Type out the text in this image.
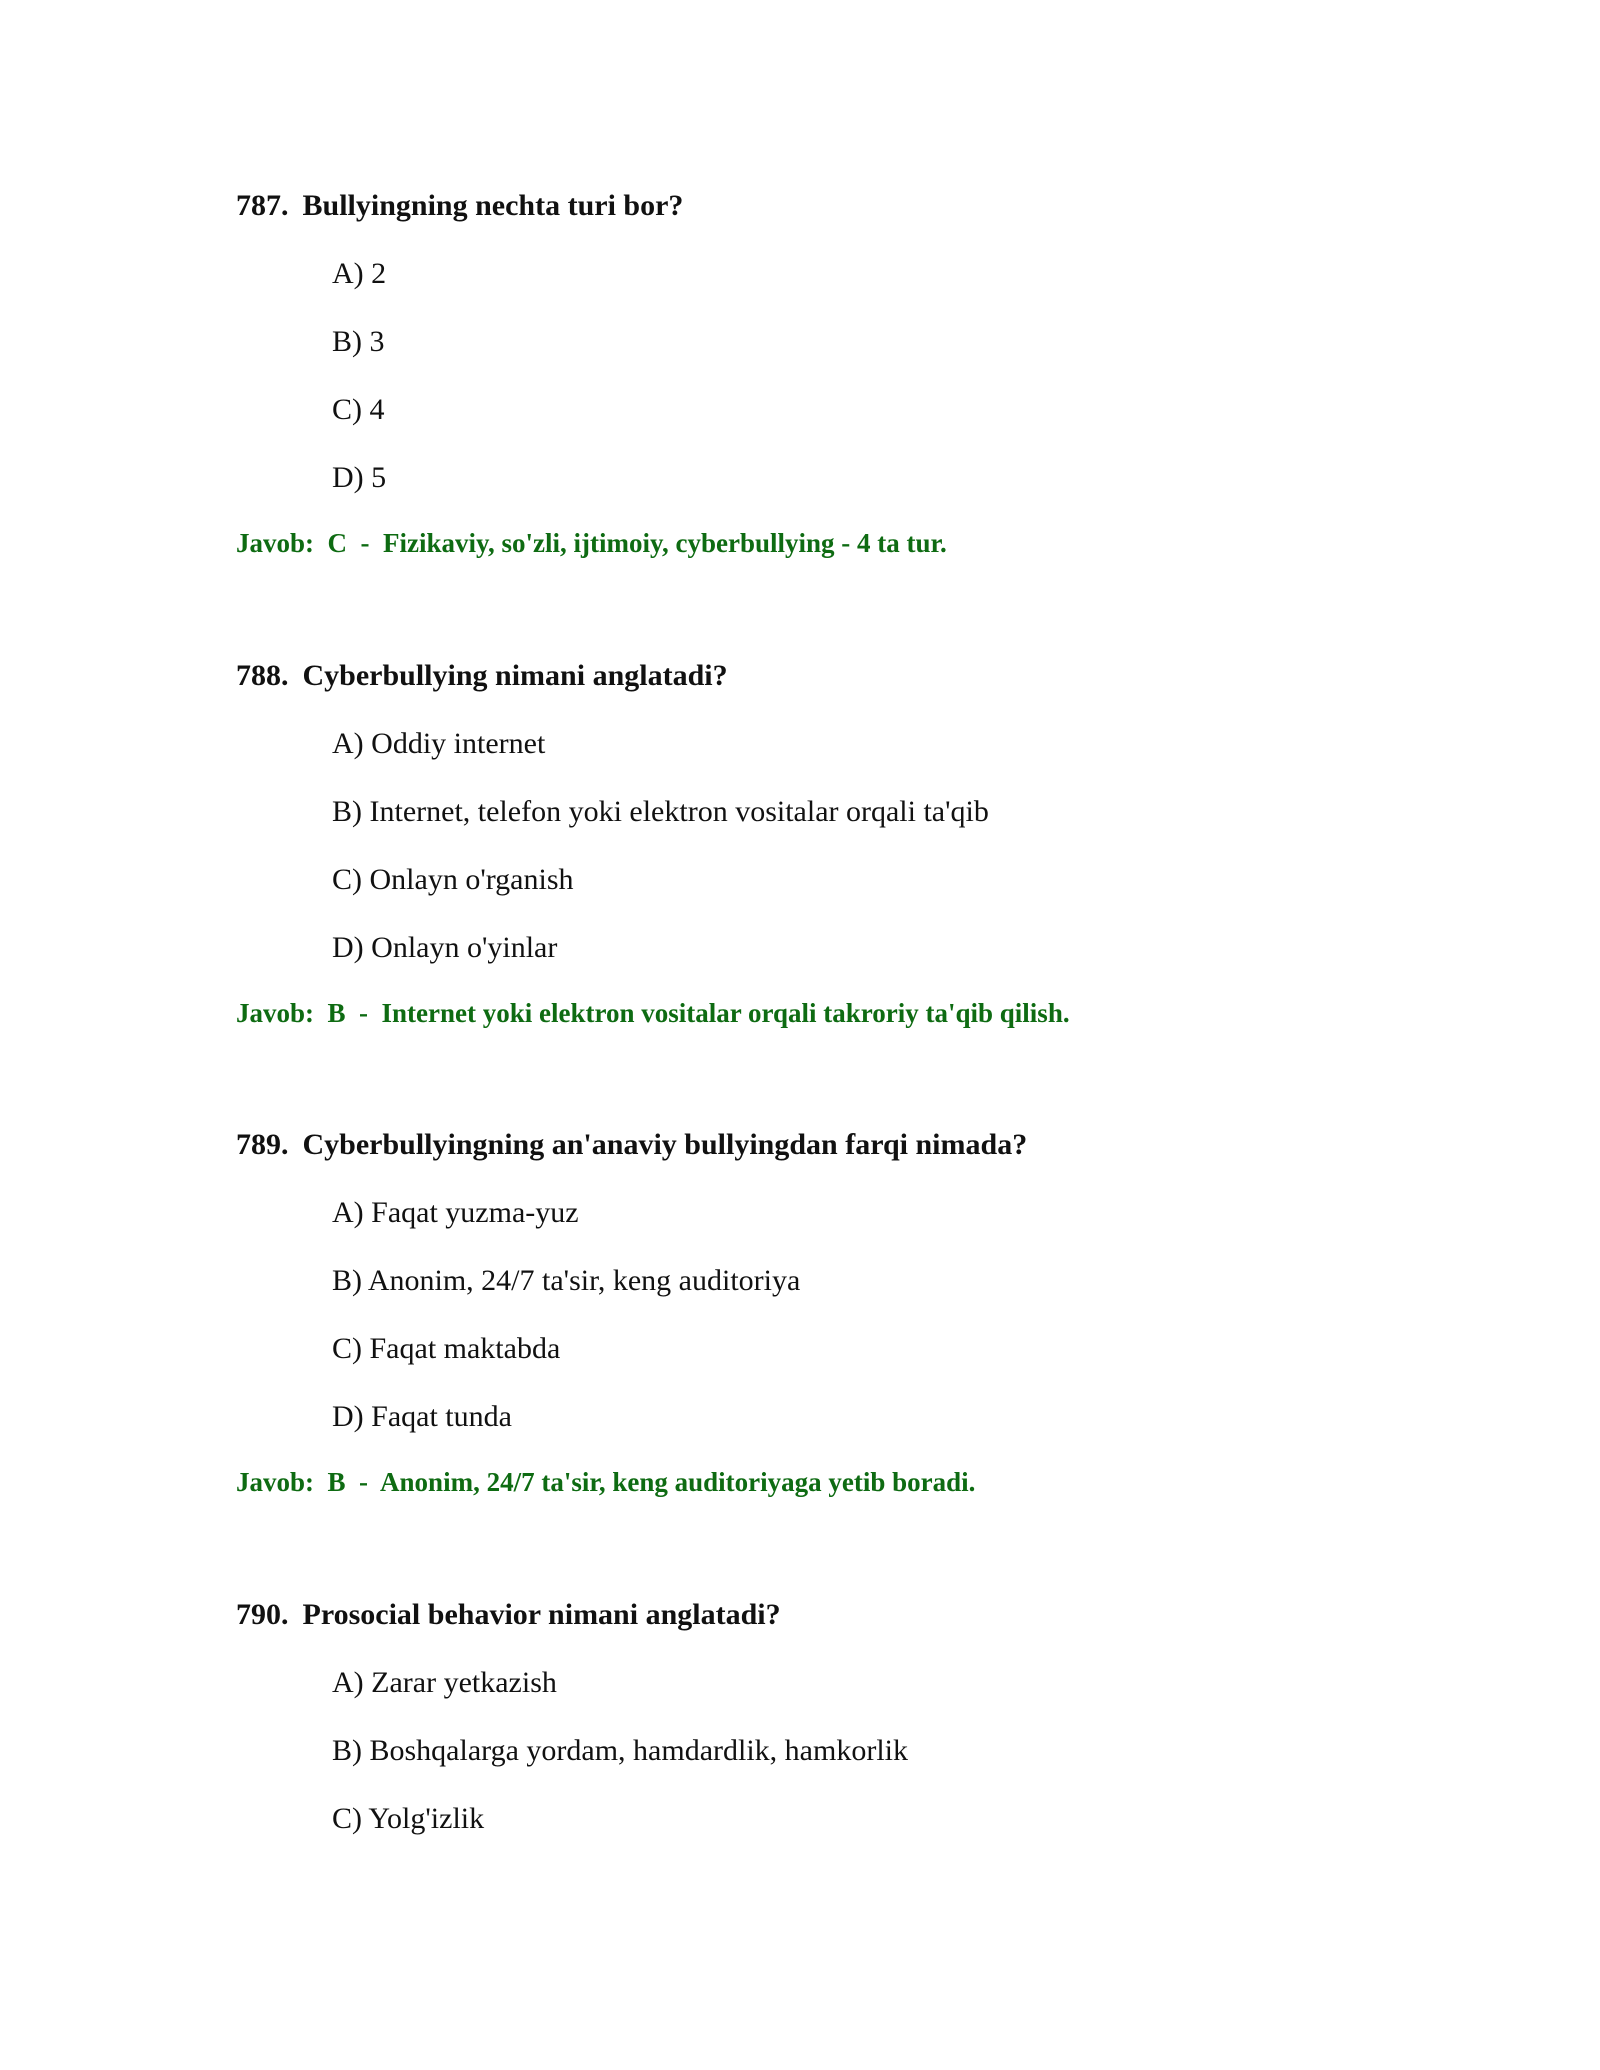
787. Bullyingning nechta turi bor?
A) 2
B) 3
C) 4
D) 5
Javob: C  -  Fizikaviy, so'zli, ijtimoiy, cyberbullying - 4 ta tur.
788. Cyberbullying nimani anglatadi?
A) Oddiy internet
B) Internet, telefon yoki elektron vositalar orqali ta'qib
C) Onlayn o'rganish
D) Onlayn o'yinlar
Javob: B  -  Internet yoki elektron vositalar orqali takroriy ta'qib qilish.
789. Cyberbullyingning an'anaviy bullyingdan farqi nimada?
A) Faqat yuzma-yuz
B) Anonim, 24/7 ta'sir, keng auditoriya
C) Faqat maktabda
D) Faqat tunda
Javob: B  -  Anonim, 24/7 ta'sir, keng auditoriyaga yetib boradi.
790. Prosocial behavior nimani anglatadi?
A) Zarar yetkazish
B) Boshqalarga yordam, hamdardlik, hamkorlik
C) Yolg'izlik
